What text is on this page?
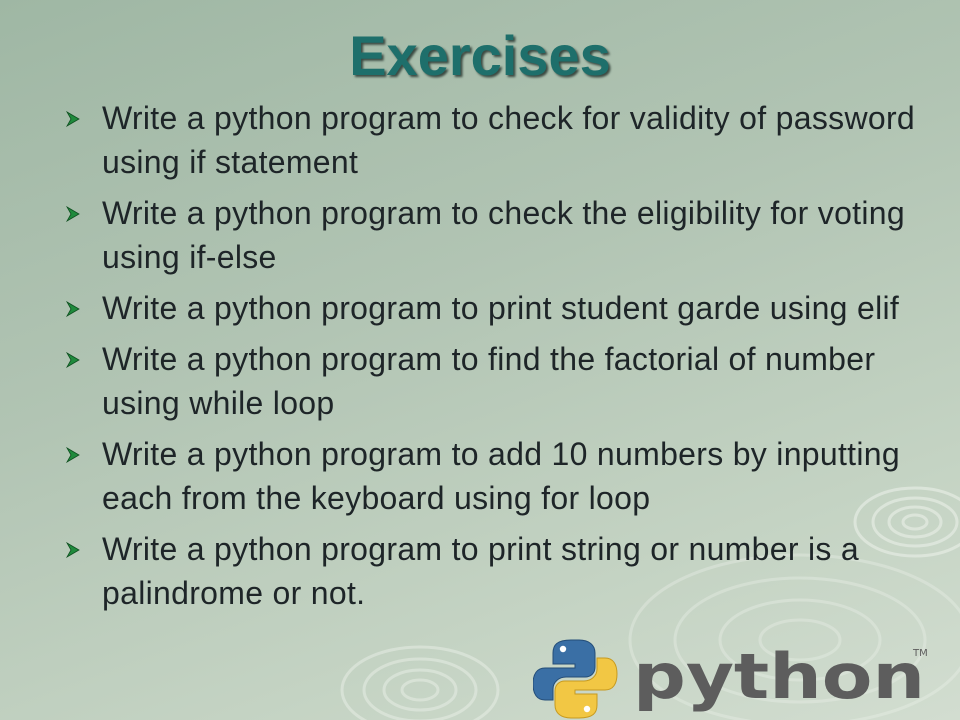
Exercises
Write a python program to check for validity of password using if statement
Write a python program to check the eligibility for voting using if-else
Write a python program to print student garde using elif
Write a python program to find the factorial of number using while loop
Write a python program to add 10 numbers by inputting each from the keyboard using for loop
Write a python program to print string or number is a palindrome or not.
python
TM
